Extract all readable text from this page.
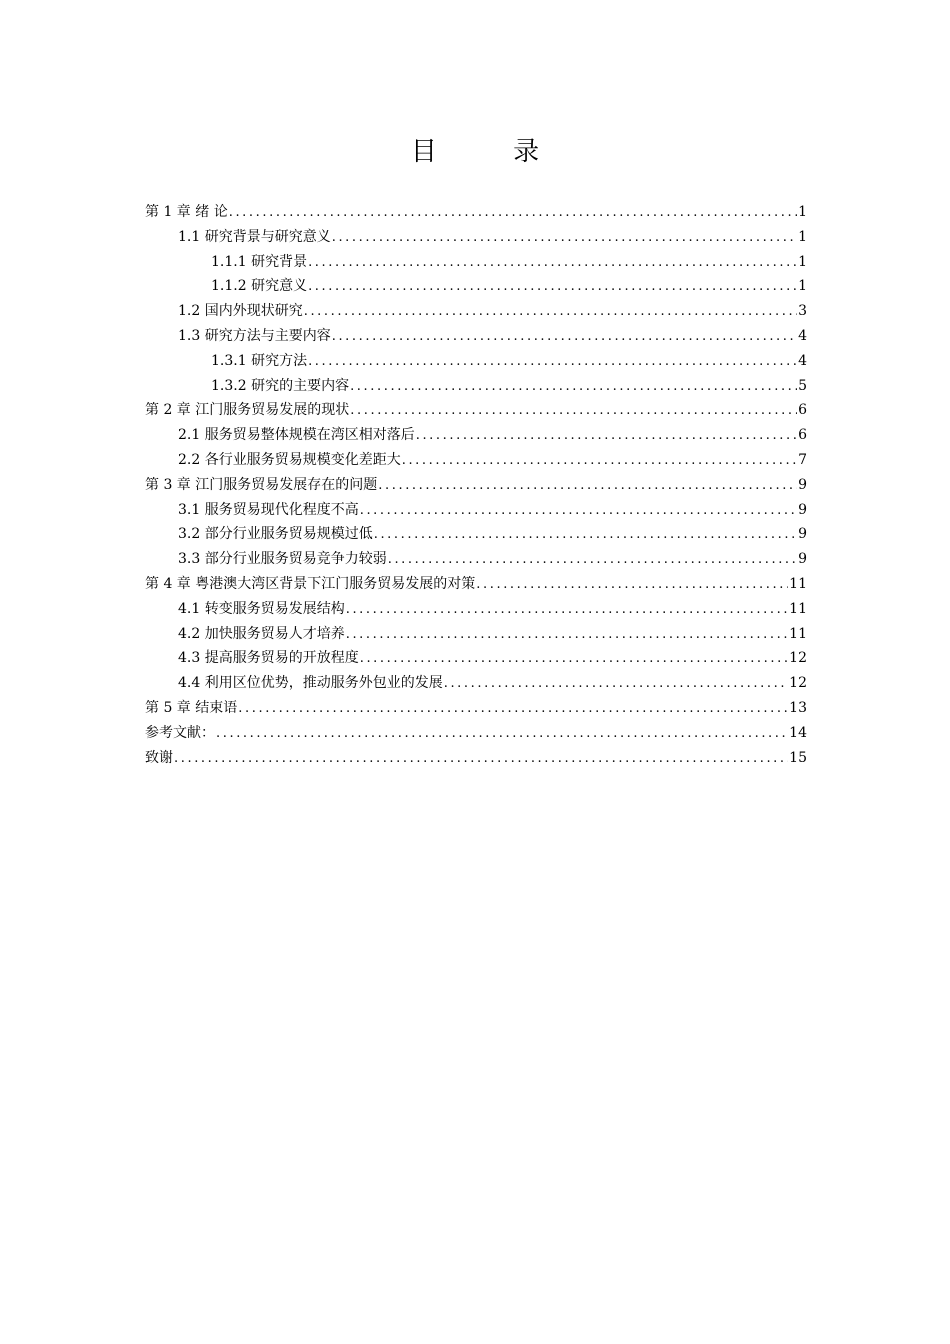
目 录
第 1 章 绪 论 .....	1
1.1 研究背景与研究意义 .....	1
1.1.1 研究背景 .....	1
1.1.2 研究意义 .....	1
1.2 国内外现状研究 .....	3
1.3 研究方法与主要内容 .....	4
1.3.1 研究方法 .....	4
1.3.2 研究的主要内容 .....	5
第 2 章 江门服务贸易发展的现状 .....	6
2.1 服务贸易整体规模在湾区相对落后 .....	6
2.2 各行业服务贸易规模变化差距大 .....	7
第 3 章 江门服务贸易发展存在的问题 .....	9
3.1 服务贸易现代化程度不高 .....	9
3.2 部分行业服务贸易规模过低 .....	9
3.3 部分行业服务贸易竞争力较弱 .....	9
第 4 章 粤港澳大湾区背景下江门服务贸易发展的对策 .....	11
4.1 转变服务贸易发展结构 .....	11
4.2 加快服务贸易人才培养 .....	11
4.3 提高服务贸易的开放程度 .....	12
4.4 利用区位优势，推动服务外包业的发展 .....	12
第 5 章 结束语 .....	13
参考文献： .....	14
致谢 .....	15
